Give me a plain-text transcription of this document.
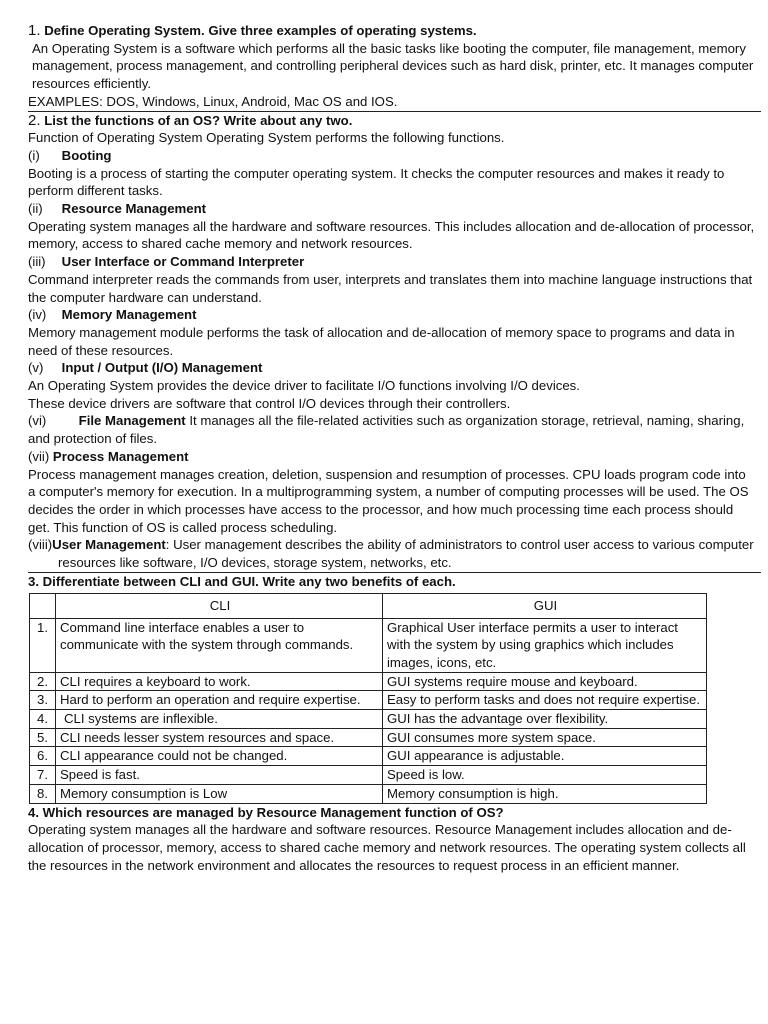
1. Define Operating System. Give three examples of operating systems.

An Operating System is a software which performs all the basic tasks like booting the computer, file management, memory management, process management, and controlling peripheral devices such as hard disk, printer, etc. It manages computer resources efficiently.

EXAMPLES: DOS, Windows, Linux, Android, Mac OS and IOS.

2. List the functions of an OS? Write about any two.

Function of Operating System Operating System performs the following functions.

(i) Booting

Booting is a process of starting the computer operating system. It checks the computer resources and makes it ready to perform different tasks.

(ii) Resource Management

Operating system manages all the hardware and software resources. This includes allocation and de-allocation of processor, memory, access to shared cache memory and network resources.

(iii) User Interface or Command Interpreter

Command interpreter reads the commands from user, interprets and translates them into machine language instructions that the computer hardware can understand.

(iv) Memory Management

Memory management module performs the task of allocation and de-allocation of memory space to programs and data in need of these resources.

(v) Input / Output (I/O) Management

An Operating System provides the device driver to facilitate I/O functions involving I/O devices.

These device drivers are software that control I/O devices through their controllers.

(vi) File Management It manages all the file-related activities such as organization storage, retrieval, naming, sharing, and protection of files.

(vii) Process Management

Process management manages creation, deletion, suspension and resumption of processes. CPU loads program code into a computer's memory for execution. In a multiprogramming system, a number of computing processes will be used. The OS decides the order in which processes have access to the processor, and how much processing time each process should get. This function of OS is called process scheduling.

(viii)User Management: User management describes the ability of administrators to control user access to various computer resources like software, I/O devices, storage system, networks, etc.

3. Differentiate between CLI and GUI. Write any two benefits of each.

	CLI	GUI
1.	Command line interface enables a user to communicate with the system through commands.	Graphical User interface permits a user to interact with the system by using graphics which includes images, icons, etc.
2.	CLI requires a keyboard to work.	GUI systems require mouse and keyboard.
3.	Hard to perform an operation and require expertise.	Easy to perform tasks and does not require expertise.
4.	CLI systems are inflexible.	GUI has the advantage over flexibility.
5.	CLI needs lesser system resources and space.	GUI consumes more system space.
6.	CLI appearance could not be changed.	GUI appearance is adjustable.
7.	Speed is fast.	Speed is low.
8.	Memory consumption is Low	Memory consumption is high.

4. Which resources are managed by Resource Management function of OS?

Operating system manages all the hardware and software resources. Resource Management includes allocation and de-allocation of processor, memory, access to shared cache memory and network resources. The operating system collects all the resources in the network environment and allocates the resources to request process in an efficient manner.
